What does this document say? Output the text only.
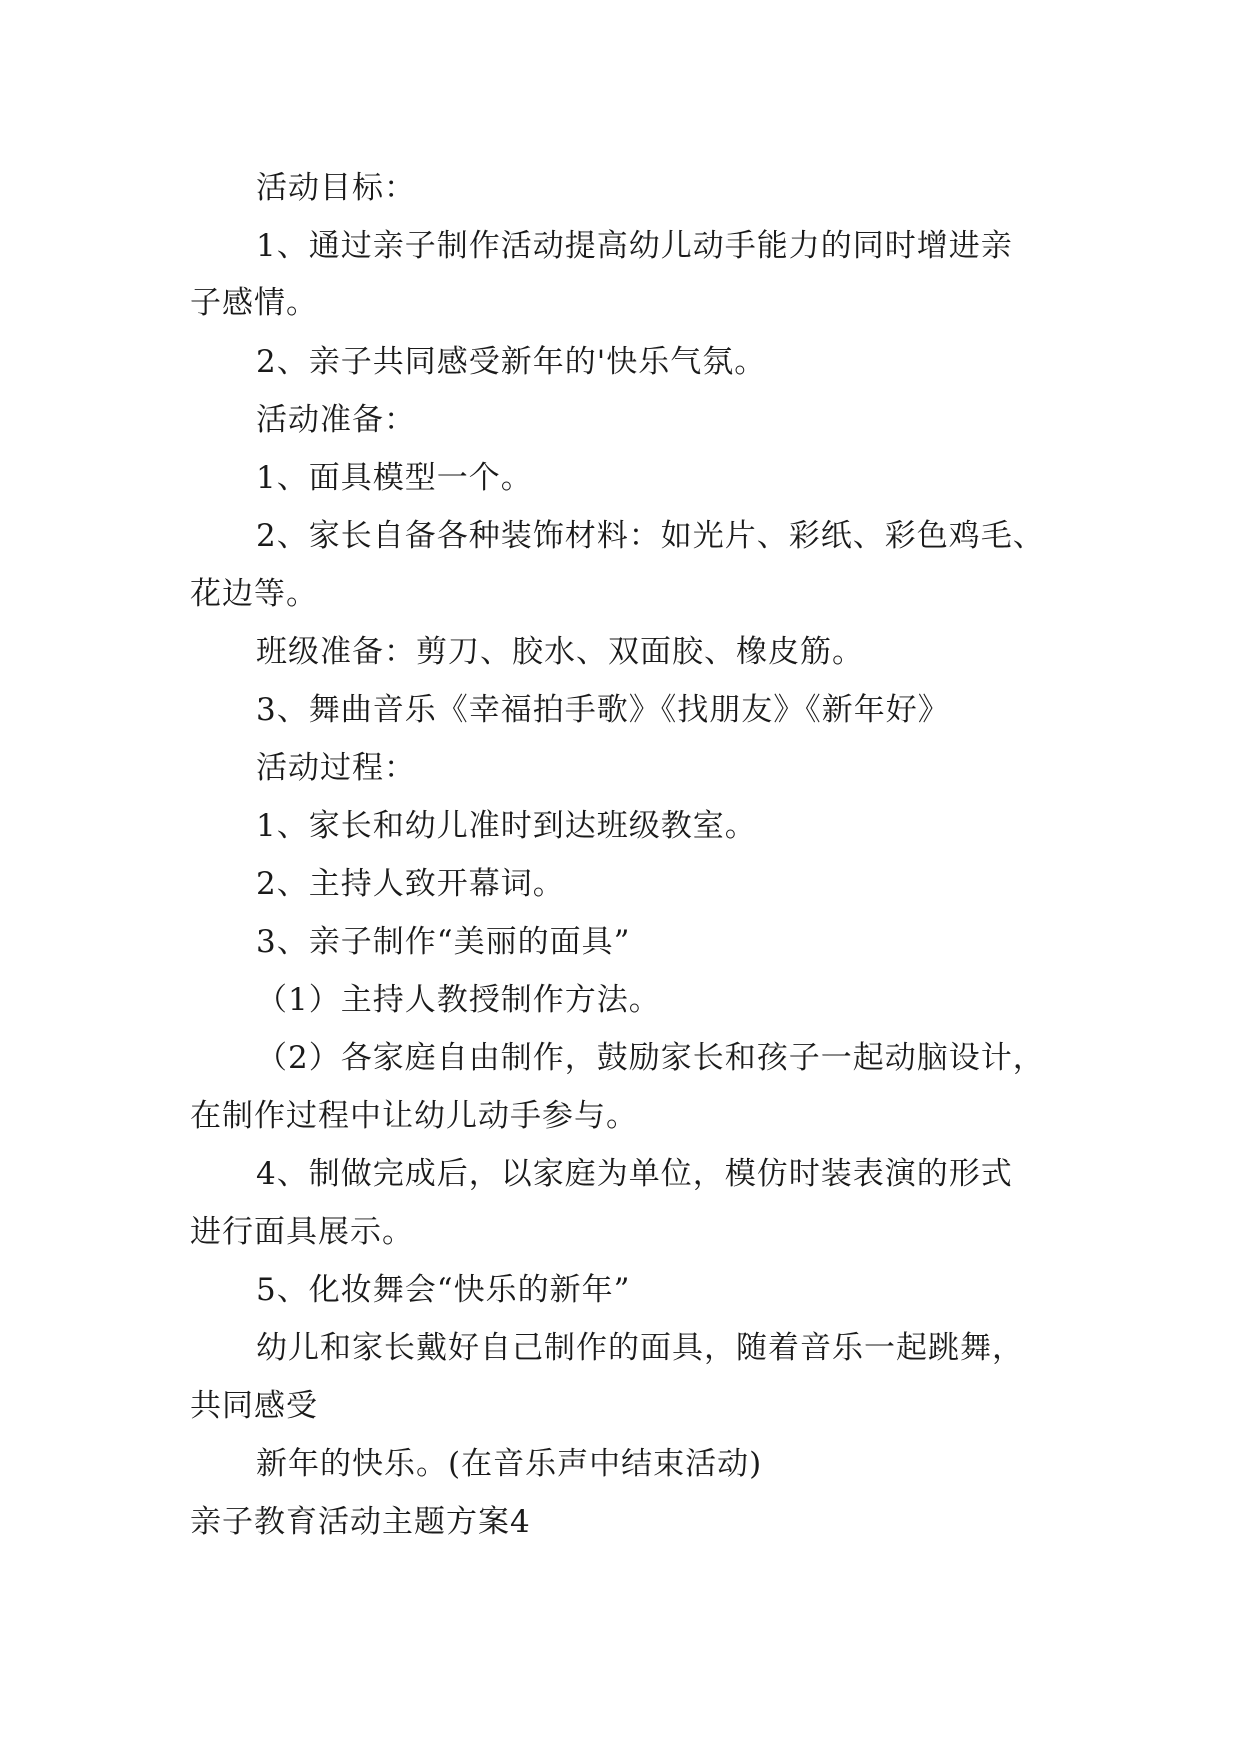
活动目标：
1、通过亲子制作活动提高幼儿动手能力的同时增进亲
子感情。
2、亲子共同感受新年的'快乐气氛。
活动准备：
1、面具模型一个。
2、家长自备各种装饰材料：如光片、彩纸、彩色鸡毛、
花边等。
班级准备：剪刀、胶水、双面胶、橡皮筋。
3、舞曲音乐《幸福拍手歌》《找朋友》《新年好》
活动过程：
1、家长和幼儿准时到达班级教室。
2、主持人致开幕词。
3、亲子制作“美丽的面具”
（1）主持人教授制作方法。
（2）各家庭自由制作，鼓励家长和孩子一起动脑设计，
在制作过程中让幼儿动手参与。
4、制做完成后，以家庭为单位，模仿时装表演的形式
进行面具展示。
5、化妆舞会“快乐的新年”
幼儿和家长戴好自己制作的面具，随着音乐一起跳舞，
共同感受
新年的快乐。(在音乐声中结束活动)
亲子教育活动主题方案4
